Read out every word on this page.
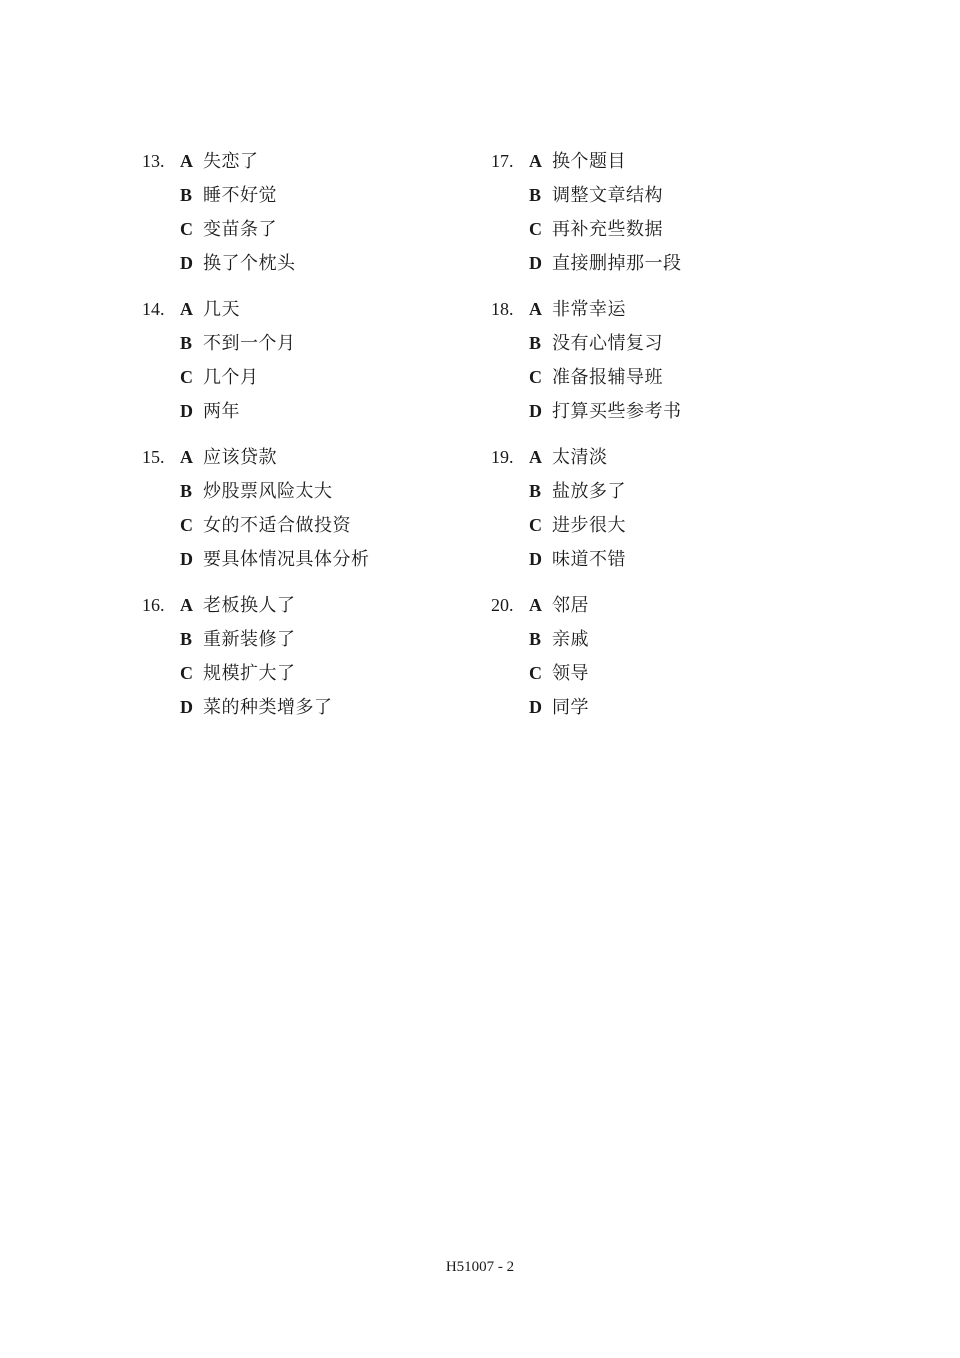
13. A 失恋了
B 睡不好觉
C 变苗条了
D 换了个枕头
14. A 几天
B 不到一个月
C 几个月
D 两年
15. A 应该贷款
B 炒股票风险太大
C 女的不适合做投资
D 要具体情况具体分析
16. A 老板换人了
B 重新装修了
C 规模扩大了
D 菜的种类增多了
17. A 换个题目
B 调整文章结构
C 再补充些数据
D 直接删掉那一段
18. A 非常幸运
B 没有心情复习
C 准备报辅导班
D 打算买些参考书
19. A 太清淡
B 盐放多了
C 进步很大
D 味道不错
20. A 邻居
B 亲戚
C 领导
D 同学
H51007 - 2
